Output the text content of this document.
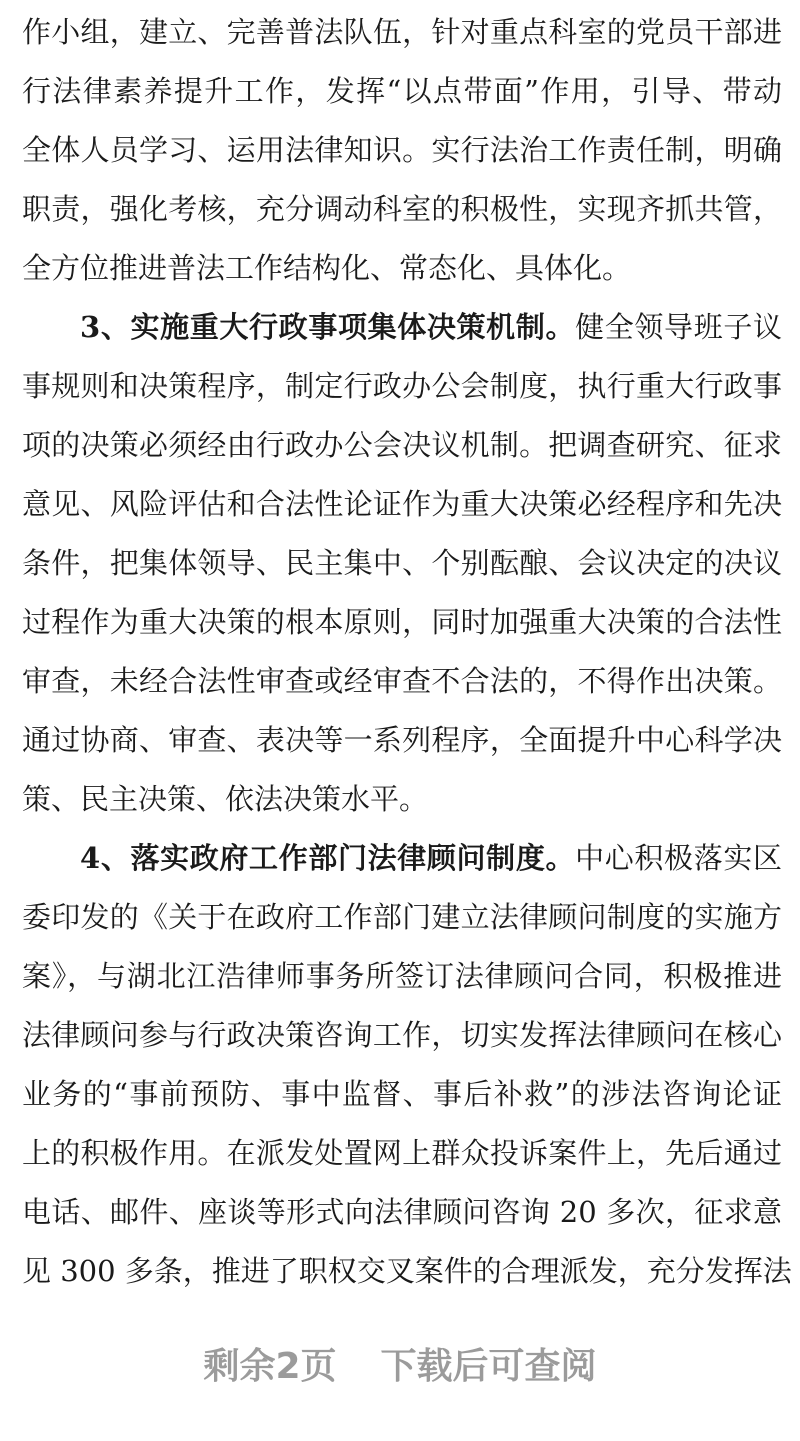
作小组，建立、完善普法队伍，针对重点科室的党员干部进
行法律素养提升工作，发挥“以点带面”作用，引导、带动
全体人员学习、运用法律知识。实行法治工作责任制，明确
职责，强化考核，充分调动科室的积极性，实现齐抓共管，
全方位推进普法工作结构化、常态化、具体化。
3、实施重大行政事项集体决策机制。健全领导班子议
事规则和决策程序，制定行政办公会制度，执行重大行政事
项的决策必须经由行政办公会决议机制。把调查研究、征求
意见、风险评估和合法性论证作为重大决策必经程序和先决
条件，把集体领导、民主集中、个别酝酿、会议决定的决议
过程作为重大决策的根本原则，同时加强重大决策的合法性
审查，未经合法性审查或经审查不合法的，不得作出决策。
通过协商、审查、表决等一系列程序，全面提升中心科学决
策、民主决策、依法决策水平。
4、落实政府工作部门法律顾问制度。中心积极落实区
委印发的《关于在政府工作部门建立法律顾问制度的实施方
案》，与湖北江浩律师事务所签订法律顾问合同，积极推进
法律顾问参与行政决策咨询工作，切实发挥法律顾问在核心
业务的“事前预防、事中监督、事后补救”的涉法咨询论证
上的积极作用。在派发处置网上群众投诉案件上，先后通过
电话、邮件、座谈等形式向法律顾问咨询 20 多次，征求意
见 300 多条，推进了职权交叉案件的合理派发，充分发挥法
剩余2页 下载后可查阅
